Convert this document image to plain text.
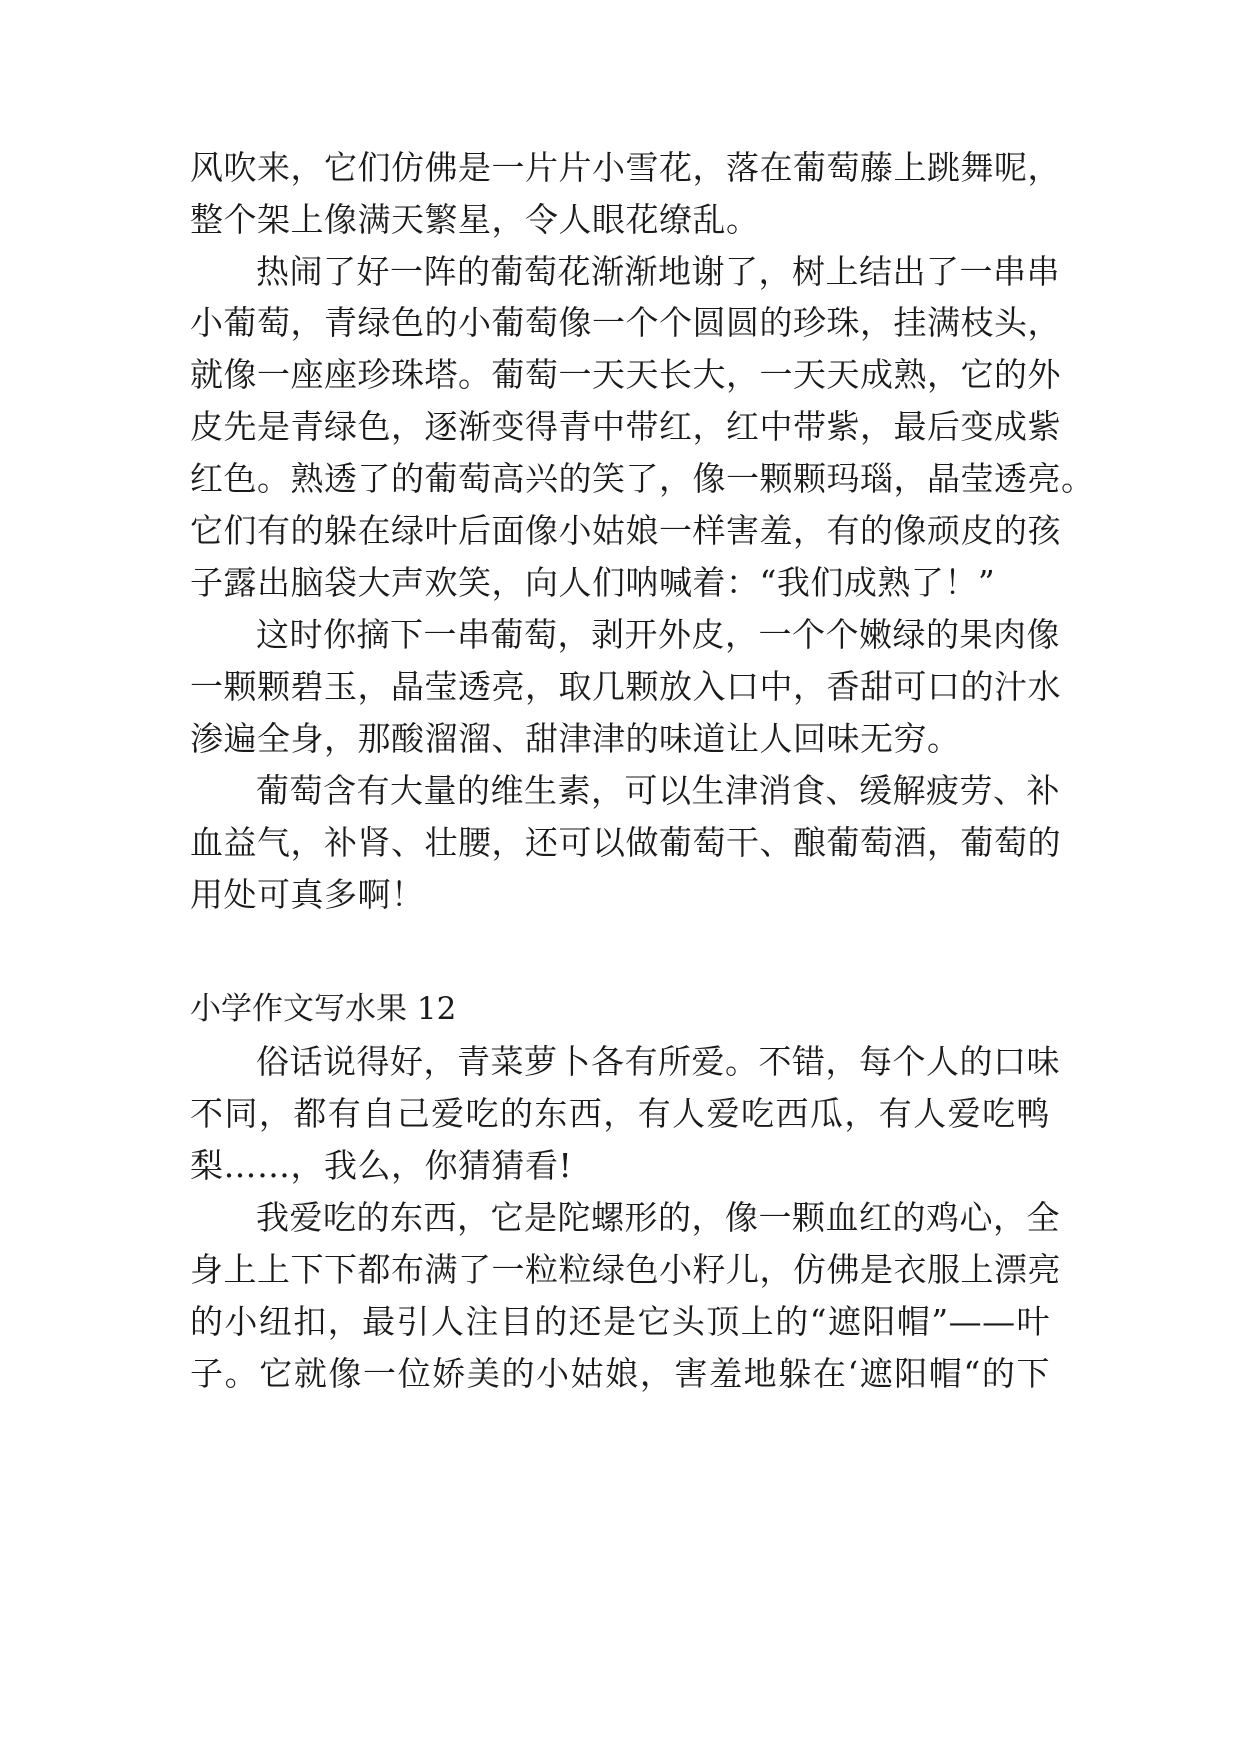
风吹来，它们仿佛是一片片小雪花，落在葡萄藤上跳舞呢，
整个架上像满天繁星，令人眼花缭乱。
热闹了好一阵的葡萄花渐渐地谢了，树上结出了一串串
小葡萄，青绿色的小葡萄像一个个圆圆的珍珠，挂满枝头，
就像一座座珍珠塔。葡萄一天天长大，一天天成熟，它的外
皮先是青绿色，逐渐变得青中带红，红中带紫，最后变成紫
红色。熟透了的葡萄高兴的笑了，像一颗颗玛瑙，晶莹透亮。
它们有的躲在绿叶后面像小姑娘一样害羞，有的像顽皮的孩
子露出脑袋大声欢笑，向人们呐喊着：“我们成熟了！”
这时你摘下一串葡萄，剥开外皮，一个个嫩绿的果肉像
一颗颗碧玉，晶莹透亮，取几颗放入口中，香甜可口的汁水
渗遍全身，那酸溜溜、甜津津的味道让人回味无穷。
葡萄含有大量的维生素，可以生津消食、缓解疲劳、补
血益气，补肾、壮腰，还可以做葡萄干、酿葡萄酒，葡萄的
用处可真多啊！
小学作文写水果 12
俗话说得好，青菜萝卜各有所爱。不错，每个人的口味
不同，都有自己爱吃的东西，有人爱吃西瓜，有人爱吃鸭
梨……，我么，你猜猜看!
我爱吃的东西，它是陀螺形的，像一颗血红的鸡心，全
身上上下下都布满了一粒粒绿色小籽儿，仿佛是衣服上漂亮
的小纽扣，最引人注目的还是它头顶上的“遮阳帽”——叶
子。它就像一位娇美的小姑娘，害羞地躲在‘遮阳帽“的下
